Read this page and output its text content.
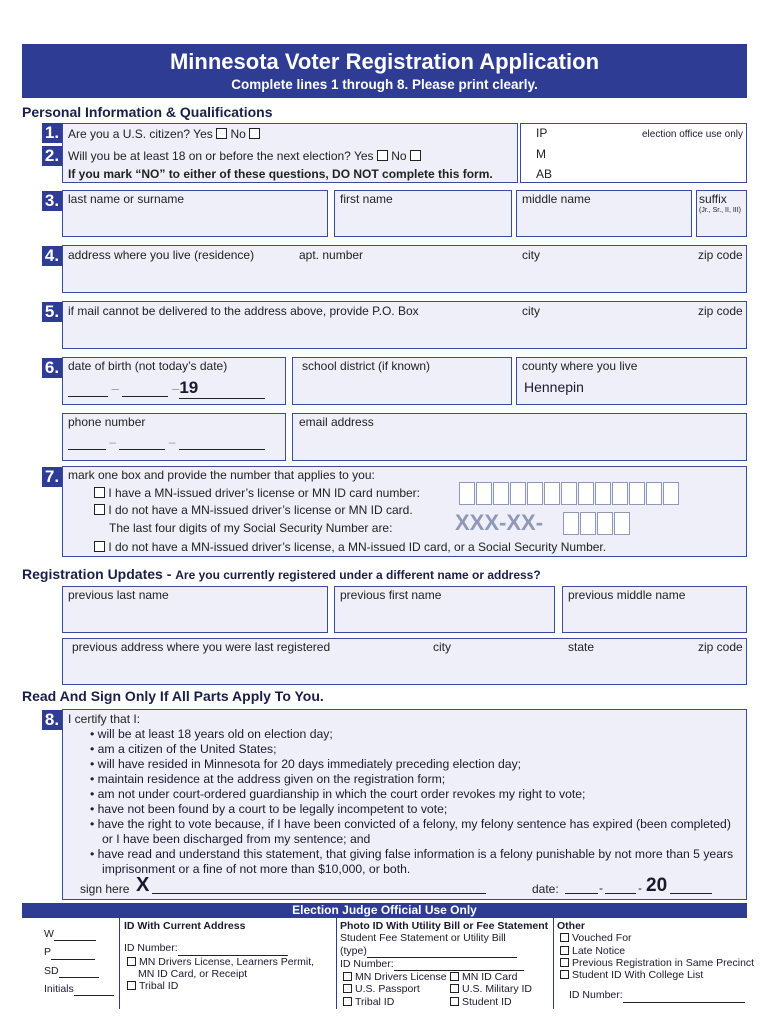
Minnesota Voter Registration Application
Complete lines 1 through 8. Please print clearly.
Personal Information & Qualifications
1. Are you a U.S. citizen? Yes No
2. Will you be at least 18 on or before the next election? Yes No
If you mark “NO” to either of these questions, DO NOT complete this form.
IP	election office use only
M
AB
3. last name or surname	first name	middle name	suffix
(Jr., Sr., II, III)
4. address where you live (residence)	apt. number	city	zip code
5. if mail cannot be delivered to the address above, provide P.O. Box	city	zip code
6. date of birth (not today’s date)
–	–19
school district (if known)	county where you live
Hennepin
phone number
–	–
email address
7. mark one box and provide the number that applies to you:
I have a MN-issued driver’s license or MN ID card number:
I do not have a MN-issued driver’s license or MN ID card.
The last four digits of my Social Security Number are:	XXX-XX-
I do not have a MN-issued driver’s license, a MN-issued ID card, or a Social Security Number.
Registration Updates - Are you currently registered under a different name or address?
previous last name	previous first name	previous middle name
previous address where you were last registered	city	state	zip code
Read And Sign Only If All Parts Apply To You.
8. I certify that I:
• will be at least 18 years old on election day;
• am a citizen of the United States;
• will have resided in Minnesota for 20 days immediately preceding election day;
• maintain residence at the address given on the registration form;
• am not under court-ordered guardianship in which the court order revokes my right to vote;
• have not been found by a court to be legally incompetent to vote;
• have the right to vote because, if I have been convicted of a felony, my felony sentence has expired (been completed) or I have been discharged from my sentence; and
• have read and understand this statement, that giving false information is a felony punishable by not more than 5 years imprisonment or a fine of not more than $10,000, or both.
sign here X	date:	-	- 20
Election Judge Official Use Only
W
P
SD
Initials
ID With Current Address
ID Number:
MN Drivers License, Learners Permit, MN ID Card, or Receipt
Tribal ID
Photo ID With Utility Bill or Fee Statement
Student Fee Statement or Utility Bill
(type)
ID Number:
MN Drivers License	MN ID Card
U.S. Passport	U.S. Military ID
Tribal ID	Student ID
Other
Vouched For
Late Notice
Previous Registration in Same Precinct
Student ID With College List
ID Number:
